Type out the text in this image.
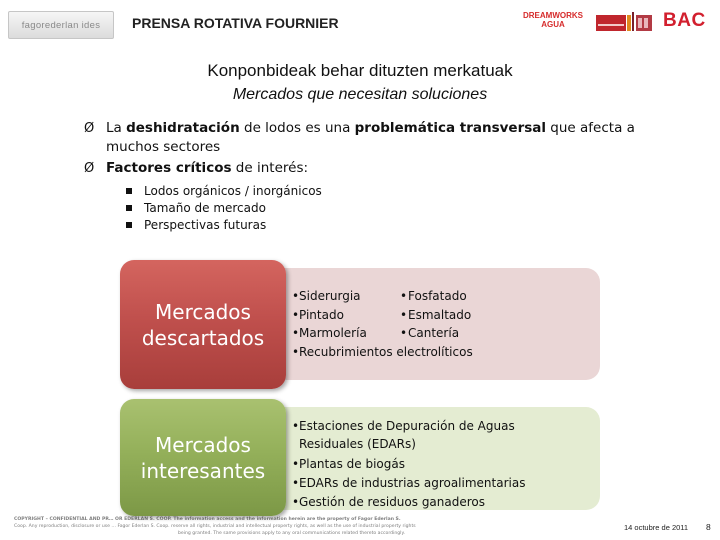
fagorederlan ides PRENSA ROTATIVA FOURNIER	DREAMWORKS
AGUA	BAC
Konponbideak behar dituzten merkatuak
Mercados que necesitan soluciones
Ø La deshidratación de lodos es una problemática transversal que afecta a muchos sectores
Ø Factores críticos de interés:
Lodos orgánicos / inorgánicos
Tamaño de mercado
Perspectivas futuras
Mercados
descartados
• Siderurgia	• Fosfatado
• Pintado	• Esmaltado
• Marmolería	• Cantería
• Recubrimientos electrolíticos
Mercados
interesantes
• Estaciones de Depuración de Aguas Residuales (EDARs)
• Plantas de biogás
• EDARs de industrias agroalimentarias
• Gestión de residuos ganaderos
COPYRIGHT – CONFIDENTIAL AND PR… OR EDERLAN S. COOP. The information access and the information herein are the property of Fagor Ederlan S.
Coop. Any reproduction, disclosure or use … Fagor Ederlan S. Coop. reserve all rights, industrial and intellectual property rights, as well as the use of industrial property rights
being granted. The same provisions apply to any oral communications related thereto accordingly.
14 octubre de 2011 8
